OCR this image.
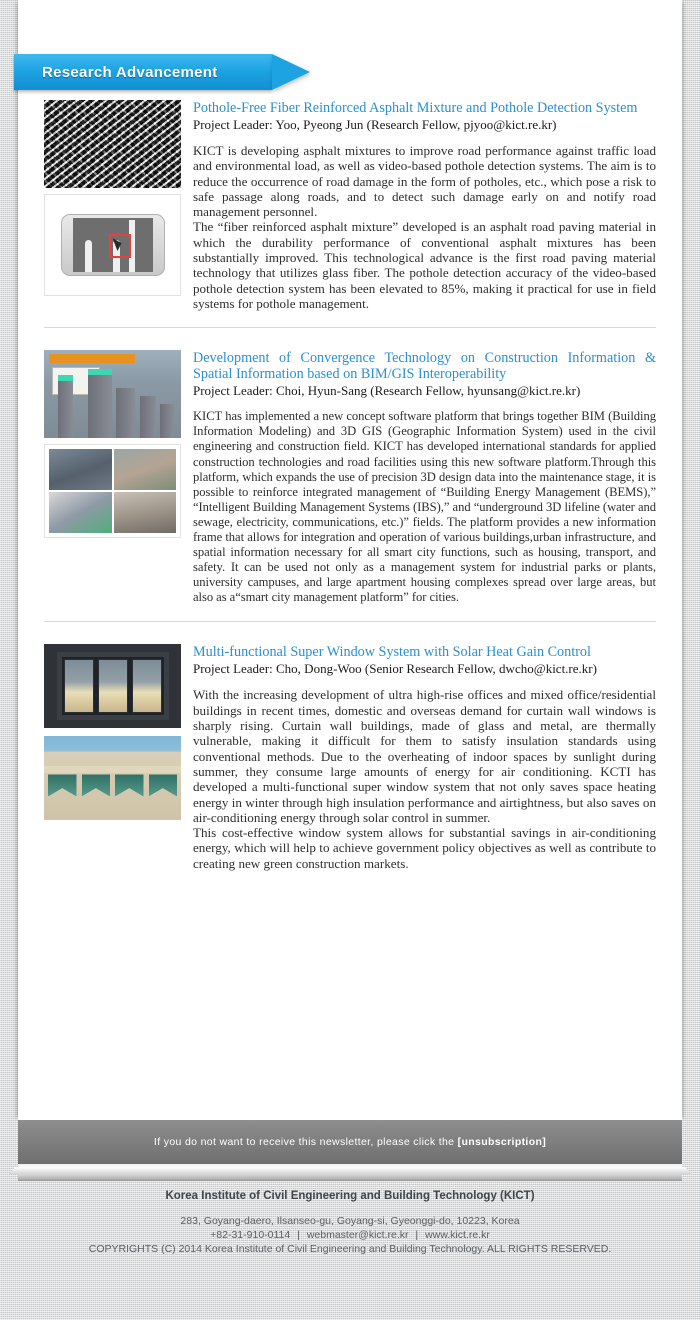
Research Advancement
Pothole-Free Fiber Reinforced Asphalt Mixture and Pothole Detection System
Project Leader: Yoo, Pyeong Jun (Research Fellow, pjyoo@kict.re.kr)

KICT is developing asphalt mixtures to improve road performance against traffic load and environmental load, as well as video-based pothole detection systems. The aim is to reduce the occurrence of road damage in the form of potholes, etc., which pose a risk to safe passage along roads, and to detect such damage early on and notify road management personnel.

The “fiber reinforced asphalt mixture” developed is an asphalt road paving material in which the durability performance of conventional asphalt mixtures has been substantially improved. This technological advance is the first road paving material technology that utilizes glass fiber. The pothole detection accuracy of the video-based pothole detection system has been elevated to 85%, making it practical for use in field systems for pothole management.

Development of Convergence Technology on Construction Information & Spatial Information based on BIM/GIS Interoperability
Project Leader: Choi, Hyun-Sang (Research Fellow, hyunsang@kict.re.kr)

KICT has implemented a new concept software platform that brings together BIM (Building Information Modeling) and 3D GIS (Geographic Information System) used in the civil engineering and construction field. KICT has developed international standards for applied construction technologies and road facilities using this new software platform.Through this platform, which expands the use of precision 3D design data into the maintenance stage, it is possible to reinforce integrated management of “Building Energy Management (BEMS),” “Intelligent Building Management Systems (IBS),” and “underground 3D lifeline (water and sewage, electricity, communications, etc.)” fields. The platform provides a new information frame that allows for integration and operation of various buildings,urban infrastructure, and spatial information necessary for all smart city functions, such as housing, transport, and safety. It can be used not only as a management system for industrial parks or plants, university campuses, and large apartment housing complexes spread over large areas, but also as a“smart city management platform” for cities.

Multi-functional Super Window System with Solar Heat Gain Control
Project Leader: Cho, Dong-Woo (Senior Research Fellow, dwcho@kict.re.kr)

With the increasing development of ultra high-rise offices and mixed office/residential buildings in recent times, domestic and overseas demand for curtain wall windows is sharply rising. Curtain wall buildings, made of glass and metal, are thermally vulnerable, making it difficult for them to satisfy insulation standards using conventional methods. Due to the overheating of indoor spaces by sunlight during summer, they consume large amounts of energy for air conditioning. KCTI has developed a multi-functional super window system that not only saves space heating energy in winter through high insulation performance and airtightness, but also saves on air-conditioning energy through solar control in summer.

This cost-effective window system allows for substantial savings in air-conditioning energy, which will help to achieve government policy objectives as well as contribute to creating new green construction markets.

If you do not want to receive this newsletter, please click the [unsubscription]
Korea Institute of Civil Engineering and Building Technology (KICT)
283, Goyang-daero, Ilsanseo-gu, Goyang-si, Gyeonggi-do, 10223, Korea
+82-31-910-0114 | webmaster@kict.re.kr | www.kict.re.kr
COPYRIGHTS (C) 2014 Korea Institute of Civil Engineering and Building Technology. ALL RIGHTS RESERVED.
